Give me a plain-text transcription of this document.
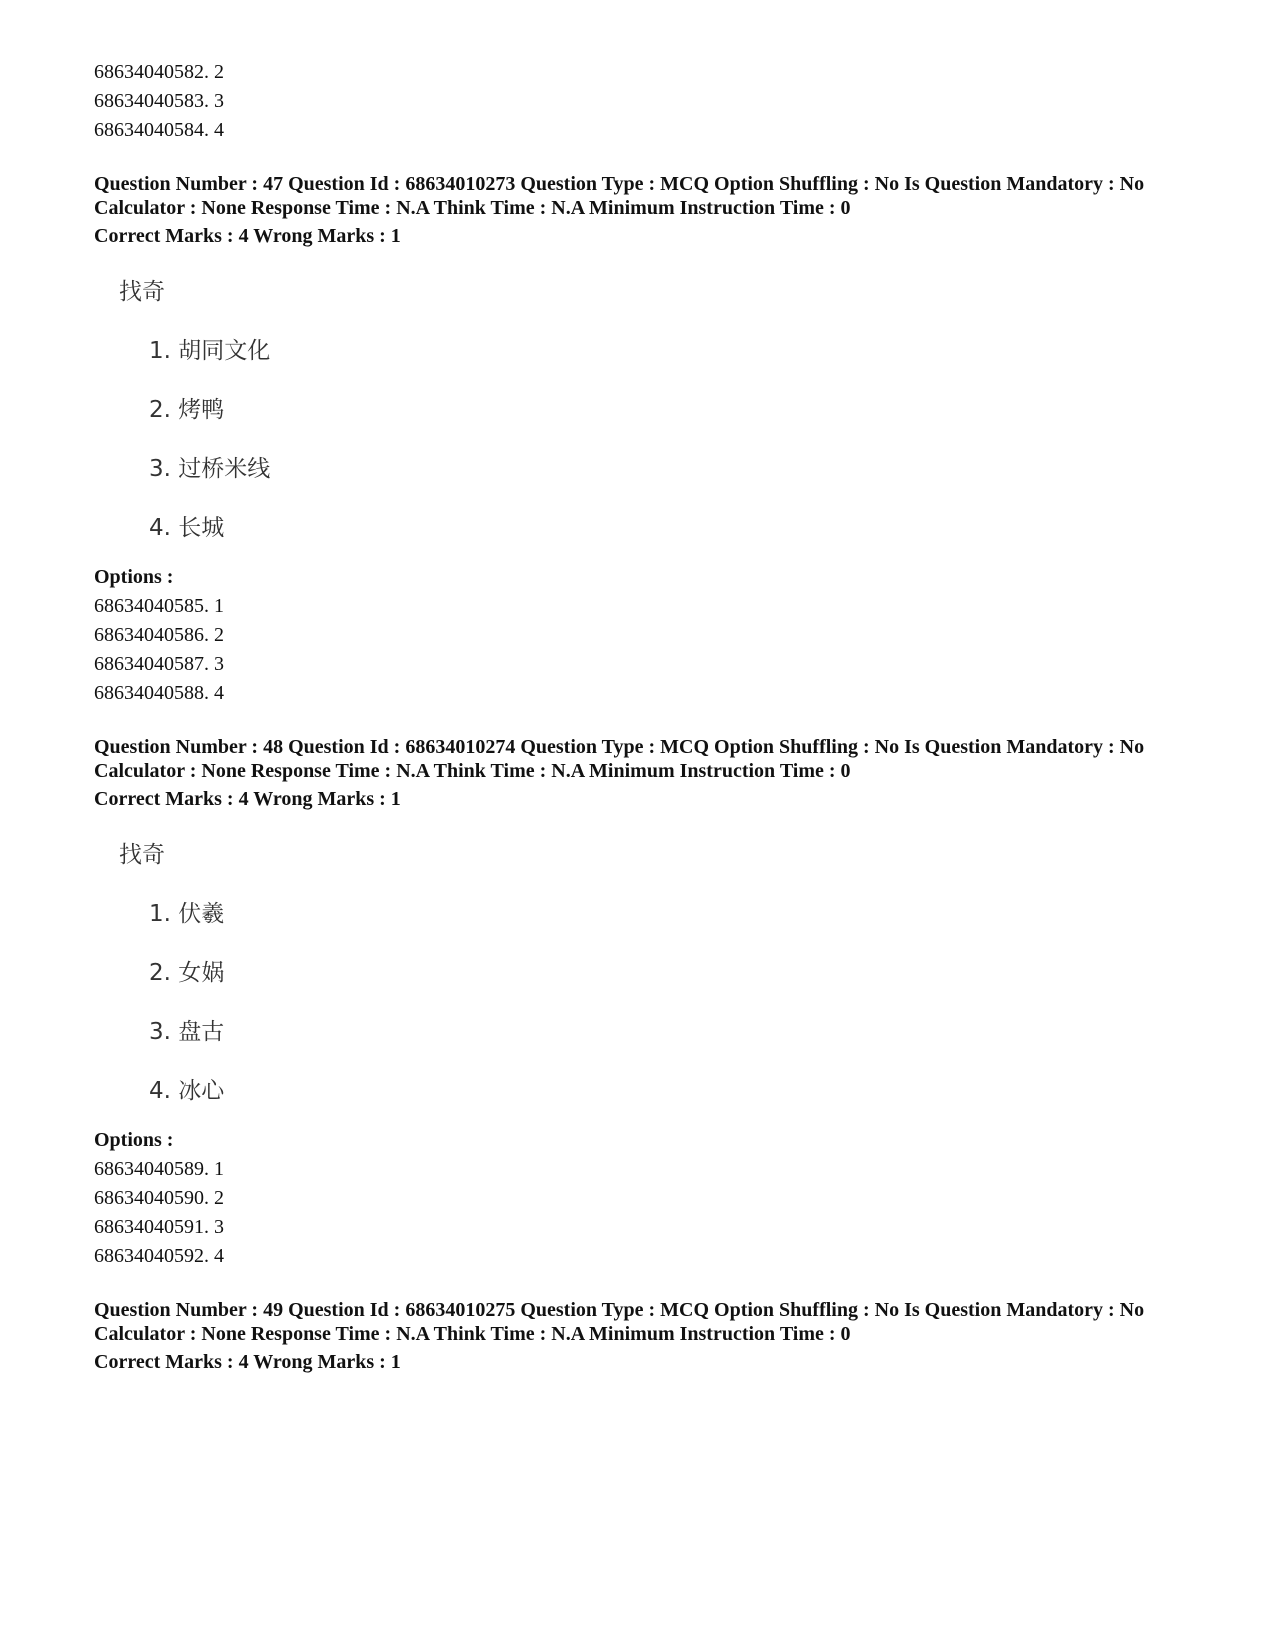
68634040582. 2
68634040583. 3
68634040584. 4
Question Number : 47 Question Id : 68634010273 Question Type : MCQ Option Shuffling : No Is Question Mandatory : No Calculator : None Response Time : N.A Think Time : N.A Minimum Instruction Time : 0
Correct Marks : 4 Wrong Marks : 1
找奇
1. 胡同文化
2. 烤鸭
3. 过桥米线
4. 长城
Options :
68634040585. 1
68634040586. 2
68634040587. 3
68634040588. 4
Question Number : 48 Question Id : 68634010274 Question Type : MCQ Option Shuffling : No Is Question Mandatory : No Calculator : None Response Time : N.A Think Time : N.A Minimum Instruction Time : 0
Correct Marks : 4 Wrong Marks : 1
找奇
1. 伏羲
2. 女娲
3. 盘古
4. 冰心
Options :
68634040589. 1
68634040590. 2
68634040591. 3
68634040592. 4
Question Number : 49 Question Id : 68634010275 Question Type : MCQ Option Shuffling : No Is Question Mandatory : No Calculator : None Response Time : N.A Think Time : N.A Minimum Instruction Time : 0
Correct Marks : 4 Wrong Marks : 1
